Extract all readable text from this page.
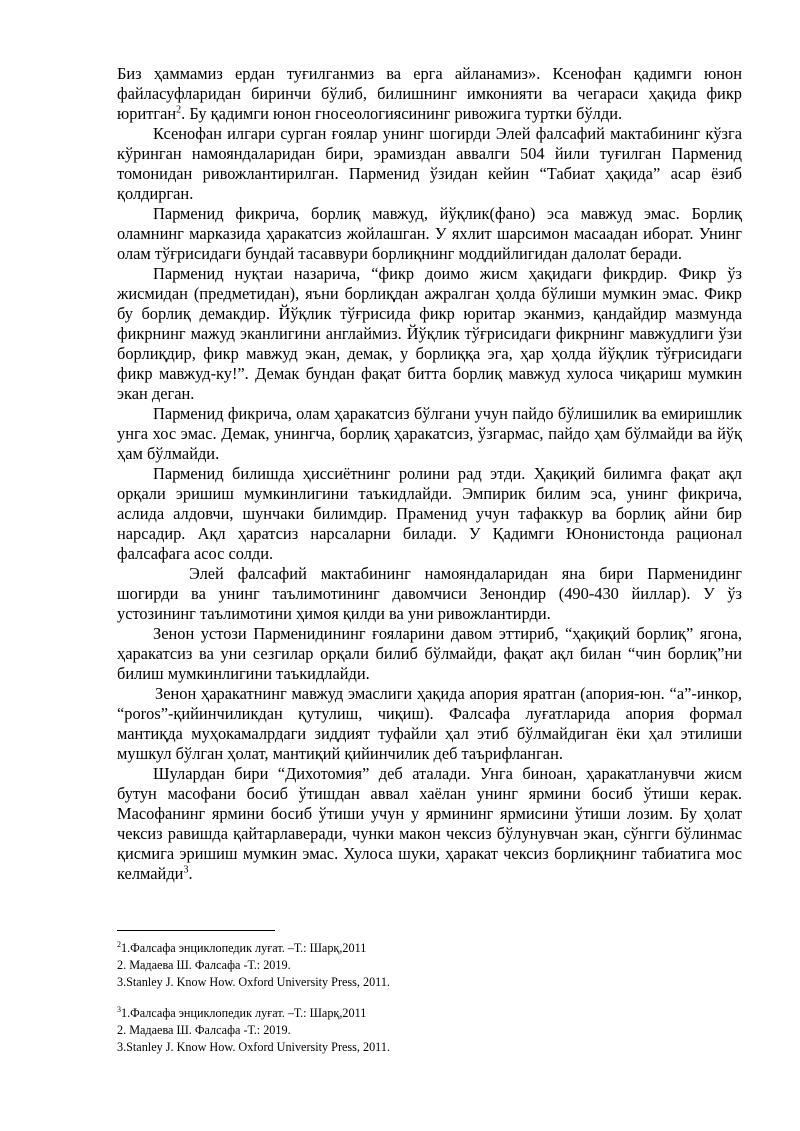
Биз ҳаммамиз ердан туғилганмиз ва ерга айланамиз». Ксенофан қадимги юнон файласуфларидан биринчи бўлиб, билишнинг имконияти ва чегараси ҳақида фикр юритган$^2$. Бу қадимги юнон гносеологиясининг ривожига туртки бўлди.

Ксенофан илгари сурган ғоялар унинг шогирди Элей фалсафий мактабининг кўзга кўринган намояндаларидан бири, эрамиздан аввалги 504 йили туғилган Парменид томонидан ривожлантирилган. Парменид ўзидан кейин “Табиат ҳақида” асар ёзиб қолдирган.

Парменид фикрича, борлиқ мавжуд, йўқлик(фано) эса мавжуд эмас. Борлиқ оламнинг марказида ҳаракатсиз жойлашган. У яхлит шарсимон масаадан иборат. Унинг олам тўғрисидаги бундай тасаввури борлиқнинг моддийлигидан далолат беради.

Парменид нуқтаи назарича, “фикр доимо жисм ҳақидаги фикрдир. Фикр ўз жисмидан (предметидан), яъни борлиқдан ажралган ҳолда бўлиши мумкин эмас. Фикр бу борлиқ демакдир. Йўқлик тўғрисида фикр юритар эканмиз, қандайдир мазмунда фикрнинг мажуд эканлигини англаймиз. Йўқлик тўғрисидаги фикрнинг мавжудлиги ўзи борлиқдир, фикр мавжуд экан, демак, у борлиққа эга, ҳар ҳолда йўқлик тўғрисидаги фикр мавжуд-ку!”. Демак бундан фақат битта борлиқ мавжуд хулоса чиқариш мумкин экан деган.

Парменид фикрича, олам ҳаракатсиз бўлгани учун пайдо бўлишилик ва емиришлик унга хос эмас. Демак, унингча, борлиқ ҳаракатсиз, ўзгармас, пайдо ҳам бўлмайди ва йўқ ҳам бўлмайди.

Парменид билишда ҳиссиётнинг ролини рад этди. Ҳақиқий билимга фақат ақл орқали эришиш мумкинлигини таъкидлайди. Эмпирик билим эса, унинг фикрича, аслида алдовчи, шунчаки билимдир. Праменид учун тафаккур ва борлиқ айни бир нарсадир. Ақл ҳаратсиз нарсаларни билади. У Қадимги Юнонистонда рационал фалсафага асос солди.

Элей фалсафий мактабининг намояндаларидан яна бири Парменидинг шогирди ва унинг таълимотининг давомчиси Зенондир (490-430 йиллар). У ўз устозининг таълимотини ҳимоя қилди ва уни ривожлантирди.

Зенон устози Парменидининг ғояларини давом эттириб, “ҳақиқий борлиқ” ягона, ҳаракатсиз ва уни сезгилар орқали билиб бўлмайди, фақат ақл билан “чин борлиқ”ни билиш мумкинлигини таъкидлайди.

Зенон ҳаракатнинг мавжуд эмаслиги ҳақида апория яратган (апория-юн. “а”-инкор, “poros”-қийинчиликдан қутулиш, чиқиш). Фалсафа луғатларида апория формал мантиқда муҳокамалрдаги зиддият туфайли ҳал этиб бўлмайдиган ёки ҳал этилиши мушкул бўлган ҳолат, мантиқий қийинчилик деб таърифланган.

Шулардан бири “Дихотомия” деб аталади. Унга биноан, ҳаракатланувчи жисм бутун масофани босиб ўтишдан аввал хаёлан унинг ярмини босиб ўтиши керак. Масофанинг ярмини босиб ўтиши учун у ярмининг ярмисини ўтиши лозим. Бу ҳолат чексиз равишда қайтарлаверади, чунки макон чексиз бўлунувчан экан, сўнгги бўлинмас қисмига эришиш мумкин эмас. Хулоса шуки, ҳаракат чексиз борлиқнинг табиатига мос келмайди$^3$.

$^2$1.Фалсафа энциклопедик луғат. –Т.: Шарқ,2011
2. Мадаева Ш. Фалсафа -Т.: 2019.
3.Stanley J. Know How. Oxford University Press, 2011.
$^3$1.Фалсафа энциклопедик луғат. –Т.: Шарқ,2011
2. Мадаева Ш. Фалсафа -Т.: 2019.
3.Stanley J. Know How. Oxford University Press, 2011.
